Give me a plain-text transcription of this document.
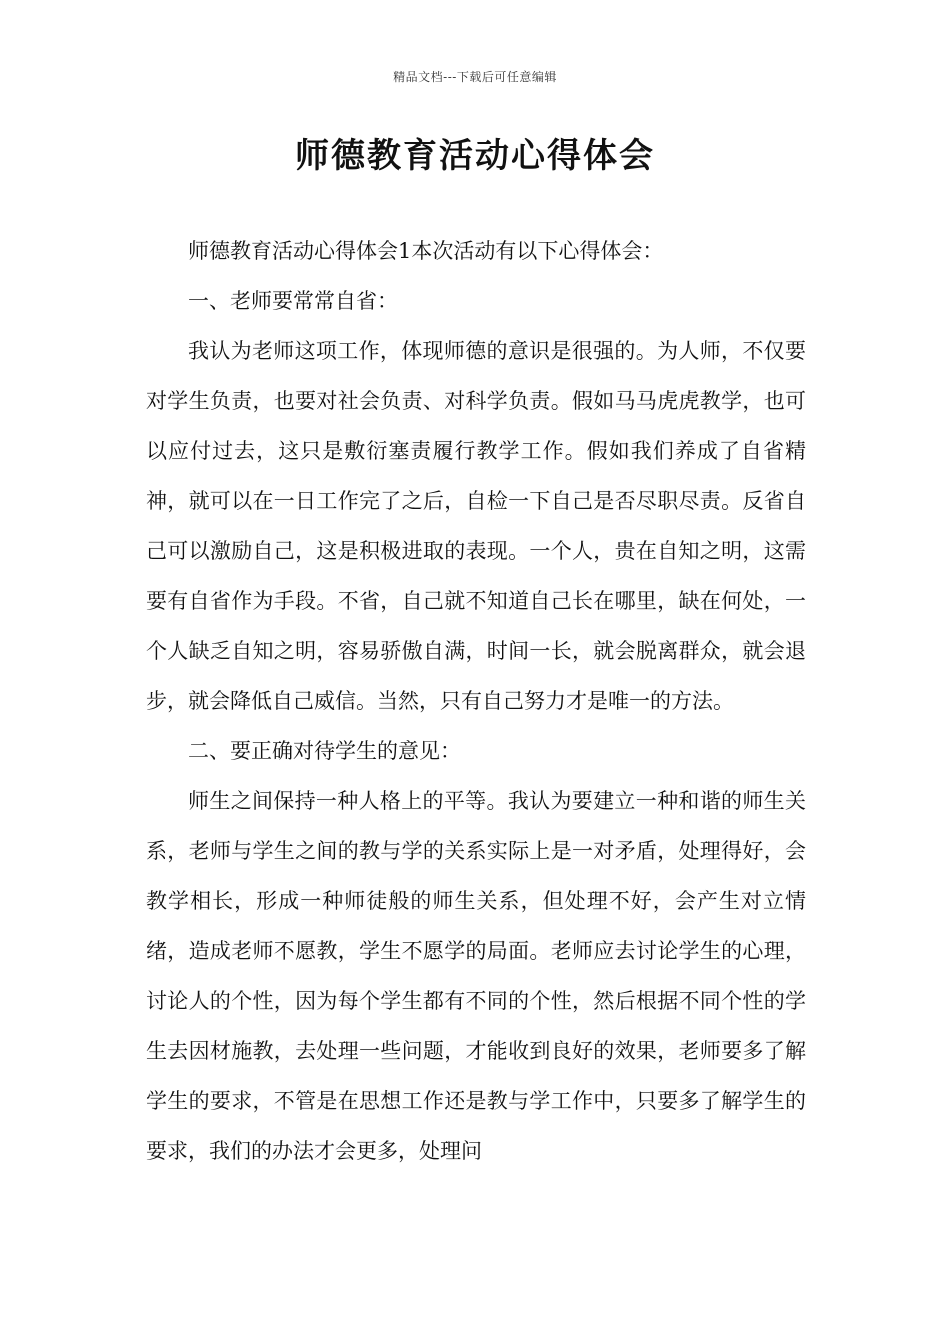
精品文档---下载后可任意编辑
师德教育活动心得体会

师德教育活动心得体会1本次活动有以下心得体会：

一、老师要常常自省：

我认为老师这项工作，体现师德的意识是很强的。为人师，不仅要对学生负责，也要对社会负责、对科学负责。假如马马虎虎教学，也可以应付过去，这只是敷衍塞责履行教学工作。假如我们养成了自省精神，就可以在一日工作完了之后，自检一下自己是否尽职尽责。反省自己可以激励自己，这是积极进取的表现。一个人，贵在自知之明，这需要有自省作为手段。不省，自己就不知道自己长在哪里，缺在何处，一个人缺乏自知之明，容易骄傲自满，时间一长，就会脱离群众，就会退步，就会降低自己威信。当然，只有自己努力才是唯一的方法。

二、要正确对待学生的意见：

师生之间保持一种人格上的平等。我认为要建立一种和谐的师生关系，老师与学生之间的教与学的关系实际上是一对矛盾，处理得好，会教学相长，形成一种师徒般的师生关系，但处理不好，会产生对立情绪，造成老师不愿教，学生不愿学的局面。老师应去讨论学生的心理，讨论人的个性，因为每个学生都有不同的个性，然后根据不同个性的学生去因材施教，去处理一些问题，才能收到良好的效果，老师要多了解学生的要求，不管是在思想工作还是教与学工作中，只要多了解学生的要求，我们的办法才会更多，处理问
